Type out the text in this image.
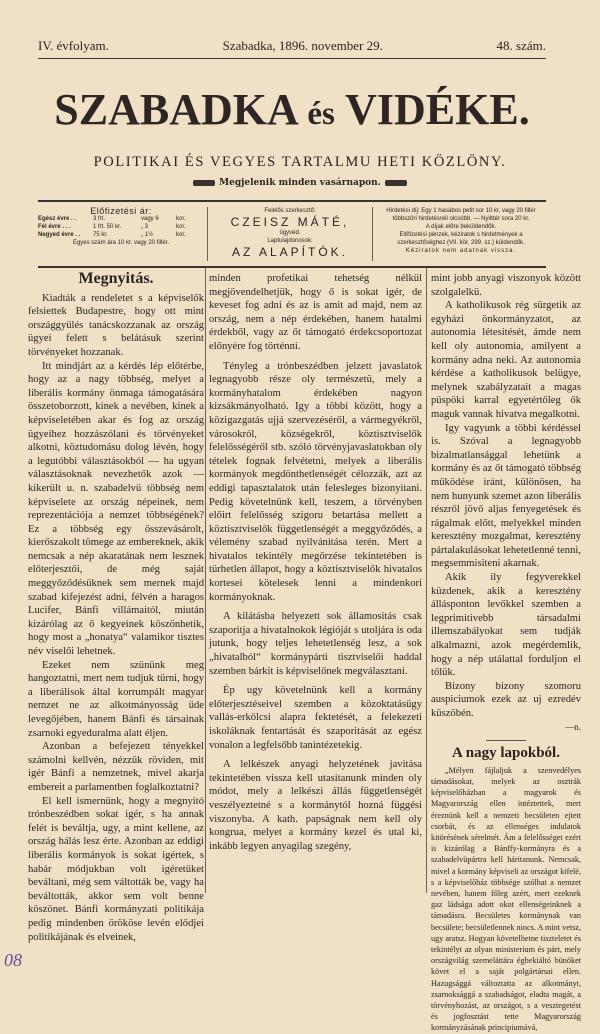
IV. évfolyam.	Szabadka, 1896. november 29.	48. szám.
SZABADKA és VIDÉKE.
POLITIKAI ÉS VEGYES TARTALMU HETI KÖZLÖNY.
Megjelenik minden vasárnapon.
Előfizetési ár:
Egész évre . .	3 frt.	vagy 6	kor.
Fél évre . . .	1 frt. 50 kr.	„ 3	kor.
Negyed évre . .	75 kr.	„ 1½	kor.
Egyes szám ára 10 kr. vagy 20 fillér.
Felelős szerkesztő:
CZEISZ MÁTÉ,
ügyvéd.
Laptulajdonosok:
AZ ALAPÍTÓK.
Hirdetési díj: Egy 1 hasábos petit sor 10 kr, vagy 20 fillér többszöri hirdetésnél olcsóbb. — Nyilttér sora 20 kr.
A díjak előre beküldendők.
Előfizetési pénzek, kéziratok s hirdetmények a szerkesztőséghez (VII. kör, 299. sz.) küldendők.
Kéziratok nem adatnak vissza.
Megnyitás.

Kiadták a rendeletet s a képviselők felsiettek Budapestre, hogy ott mint országgyülés tanácskozzanak az ország ügyei felett s belátásuk szerint törvényeket hozzanak.

Itt mindjárt az a kérdés lép előtérbe, hogy az a nagy többség, melyet a liberális kormány önmaga támogatására összetoborzott, kinek a nevében, kinek a képviseletében akar és fog az ország ügyeihez hozzászólani és törvényeket alkotni, köztudomásu dolog lévén, hogy a legutóbbi választásokból — ha ugyan választásoknak nevezhetők azok — kikerült u. n. szabadelvü többség nem képviselete az ország népeinek, nem reprezentációja a nemzet többségének? Ez a többség egy összevásárolt, kierőszakolt tömege az embereknek, akik nemcsak a nép akaratának nem lesznek előterjesztői, de még saját meggyőződésüknek sem mernek majd szabad kifejezést adni, félvén a haragos Lucifer, Bánfi villámaitól, miután kizárólag az ő kegyeinek köszönhetik, hogy most a „honatya“ valamikor tisztes név viselői lehetnek.

Ezeket nem szününk meg hangoztatni, mert nem tudjuk türni, hogy a liberálisok által korrumpált magyar nemzet ne az alkotmányosság üde levegőjében, hanem Bánfi és társainak zsarnoki egyeduralma alatt éljen.

Azonban a befejezett tényekkel számolni kellvén, nézzük röviden, mit igér Bánfi a nemzetnek, mivel akarja embereit a parlamentben foglalkoztatni?

El kell ismernünk, hogy a megnyitó trónbeszédben sokat igér, s ha annak felét is beváltja, ugy, a mint kellene, az ország hálás lesz érte. Azonban az eddigi liberális kormányok is sokat igértek, s habár módjukban volt igéretüket beváltani, még sem váltották be, vagy ha beváltották, akkor sem volt benne köszönet. Bánfi kormányzati politikája pedig mindenben örököse levén elődjei politikájának és elveinek,

minden profetikai tehetség nélkül megjövendelhetjük, hogy ő is sokat igér, de keveset fog adni és az is amit ad majd, nem az ország, nem a nép érdekében, hanem hatalmi érdekből, vagy az őt támogató érdekcsoportozat előnyére fog történni.

Tényleg a trónbeszédben jelzett javaslatok legnagyobb része oly természetü, mely a kormányhatalom érdekében nagyon kizsákmányolható. Igy a többi között, hogy a közigazgatás ujjá szervezéséről, a vármegyékről, városokról, községekről, köztisztviselők felelősségéről stb. szóló törvényjavaslatokban oly tételek fognak felvétetni, melyek a liberális kormányok megdönthetlenségét célozzák, azt az eddigi tapasztalatok után felesleges bizonyitani. Pedig követelnünk kell, teszem, a törvényben előirt felelősség szigoru betartása mellett a köztisztviselők függetlenségét a meggyőződés, a vélemény szabad nyilvánitása terén. Mert a hivatalos tekintély megőrzése tekintetében is türhetlen állapot, hogy a köztisztviselők hivatalos kortesei kötelesek lenni a mindenkori kormányoknak.

A kilátásba helyezett sok államositás csak szaporitja a hivatalnokok légióját s utoljára is oda jutunk, hogy teljes lehetetlenség lesz, a sok „hivatalból“ kormánypárti tisztviselői haddal szemben bárkit is képviselőnek megválasztani.

Ép ugy követelnünk kell a kormány előterjesztéseivel szemben a közoktatásügy vallás-erkölcsi alapra fektetését, a felekezeti iskoláknak fentartását és szaporitását az egész vonalon a legfelsőbb tanintézetekig.

A lelkészek anyagi helyzetének javitása tekintetében vissza kell utasitanunk minden oly módot, mely a lelkészi állás függetlenségét veszélyeztetné s a kormánytól hozná függési viszonyba. A kath. papságnak nem kell oly kongrua, melyet a kormány kezel és utal ki, inkább legyen anyagilag szegény,

mint jobb anyagi viszonyok között szolgalelkü.

A katholikusok rég sürgetik az egyházi önkormányzatot, az autonomia létesitését, ámde nem kell oly autonomia, amilyent a kormány adna neki. Az autonomia kérdése a katholikusok belügye, melynek szabályzatait a magas püspöki karral egyetértőleg ők maguk vannak hivatva megalkotni.

Igy vagyunk a többi kérdéssel is. Szóval a legnagyobb bizalmatlansággal lehetünk a kormány és az őt támogató többség működése iránt, különösen, ha nem hunyunk szemet azon liberális részről jövő aljas fenyegetések és rágalmak előtt, melyekkel minden keresztény mozgalmat, keresztény pártalakulásokat lehetetlenné tenni, megsemmisiteni akarnak.

Akik ily fegyverekkel küzdenek, akik a keresztény állásponton levőkkel szemben a legprimitivebb társadalmi illemszabályokat sem tudják alkalmazni, azok megérdemlik, hogy a nép utálattal forduljon el tőlük.

Bizony bizony szomoru auspiciumok ezek az uj ezredév küszöbén.

—n.
A nagy lapokból.

„Mélyen fájlaljuk a szenvedélyes támadásokat, melyek az osztrák képviselőházban a magyarok és Magyarország ellen intéztettek, mert éreznünk kell a nemzeti becsületen ejtett csorbát, és az ellenséges indulatok kitörésének sérelmét. Ám a felelősséget ezért is kizárólag a Bánffy-kormányra és a szabadelvüpártra kell háritanunk. Nemcsak, mivel a kormány képviseli az országot kifelé, s a képviselőház többsége szólhat a nemzet nevében, hanem főleg azért, mert ezeknek gaz ládsága adott okot ellenségeinknek a támadásra. Becsületes kormánynak van becsülete; becsületlennek nincs. A mint vetsz, ugy aratsz. Hogyan követelhetne tiszteletet és tekintélyt az olyan ministerium és párt, mely országvilág szemeláttára égbekiáltó bünöket követ el a saját polgártársai ellen. Hazugsággá változtatta az alkotmányt, zsarnoksággá a szabadságot, eladta magát, a törvényhozást, az országot, s a vesztegetést és jogfosztást tette Magyarország kormányzásának principiumává,

08
